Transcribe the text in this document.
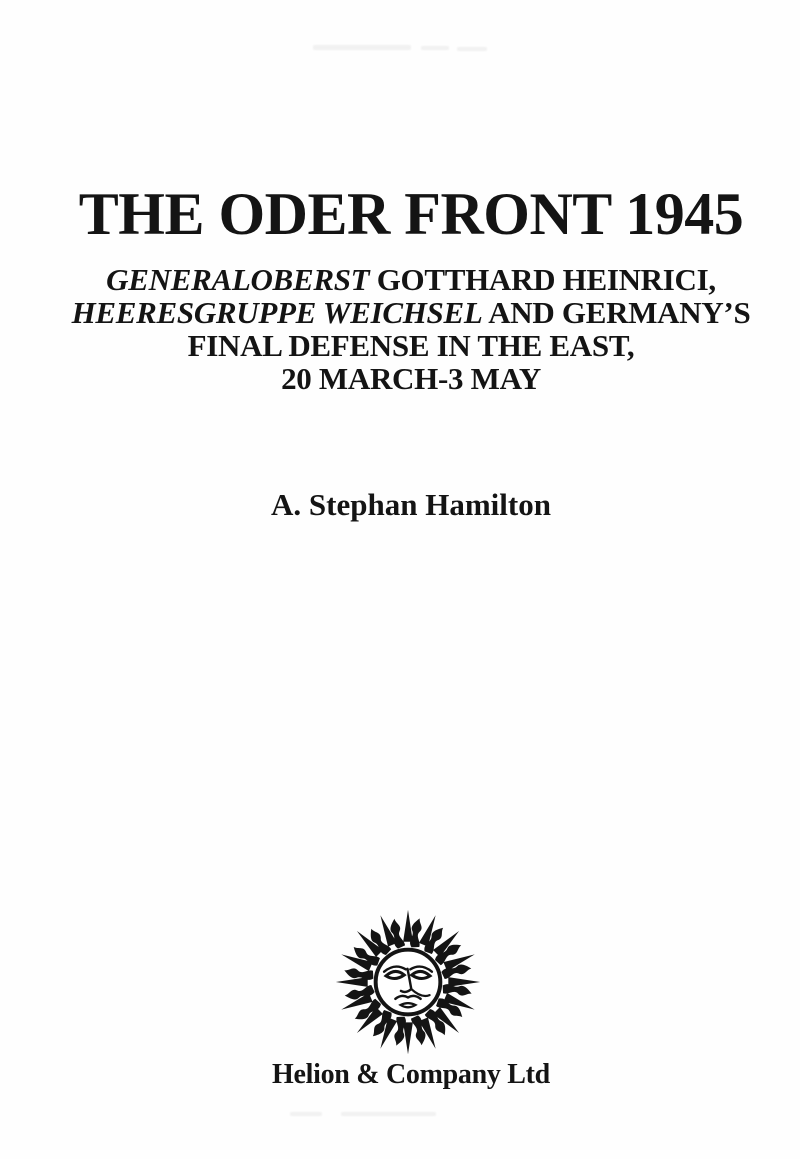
THE ODER FRONT 1945
GENERALOBERST GOTTHARD HEINRICI,
HEERESGRUPPE WEICHSEL AND GERMANY’S
FINAL DEFENSE IN THE EAST,
20 MARCH-3 MAY
A. Stephan Hamilton
Helion & Company Ltd
